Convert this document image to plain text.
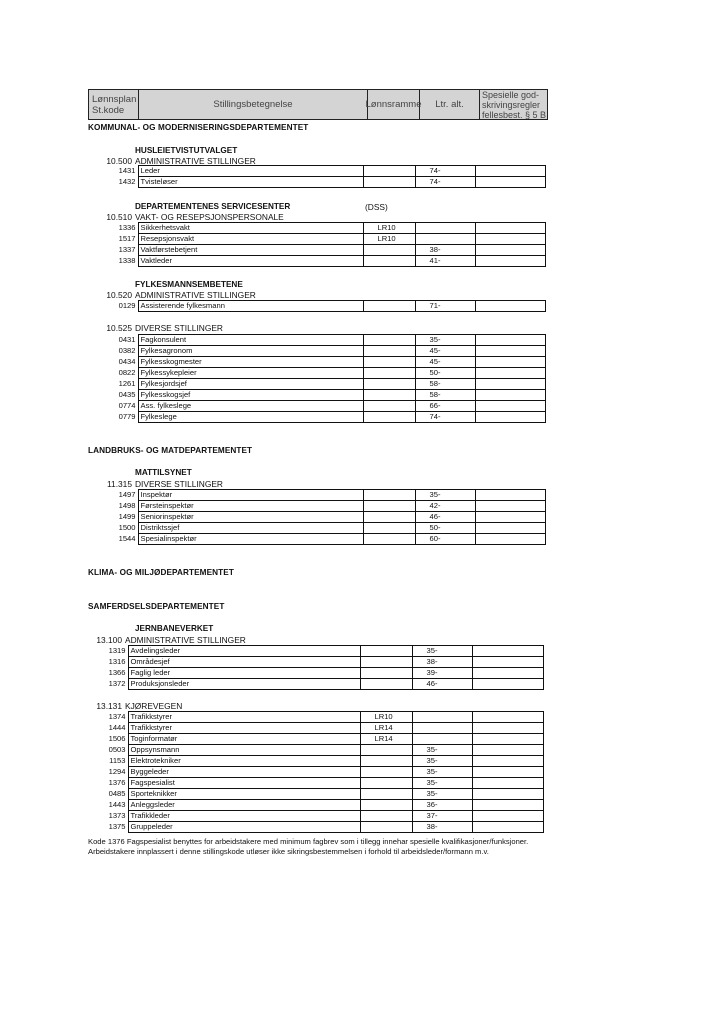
Lønnsplan
St.kode	Stillingsbetegnelse	Lønnsramme	Ltr. alt.
Spesielle god-
skrivingsregler
fellesbest. § 5 B
KOMMUNAL- OG MODERNISERINGSDEPARTEMENTET
HUSLEIETVISTUTVALGET
10.500 ADMINISTRATIVE STILLINGER
1431	Leder		74-	
1432	Tvisteløser		74-	
DEPARTEMENTENES SERVICESENTER	(DSS)
10.510 VAKT- OG RESEPSJONSPERSONALE
1336	Sikkerhetsvakt	LR10		
1517	Resepsjonsvakt	LR10		
1337	Vaktførstebetjent		38-	
1338	Vaktleder		41-	
FYLKESMANNSEMBETENE
10.520 ADMINISTRATIVE STILLINGER
0129	Assisterende fylkesmann		71-	
10.525 DIVERSE STILLINGER
0431	Fagkonsulent		35-	
0382	Fylkesagronom		45-	
0434	Fylkesskogmester		45-	
0822	Fylkessykepleier		50-	
1261	Fylkesjordsjef		58-	
0435	Fylkesskogsjef		58-	
0774	Ass. fylkeslege		66-	
0779	Fylkeslege		74-	
LANDBRUKS- OG MATDEPARTEMENTET
MATTILSYNET
11.315 DIVERSE STILLINGER
1497	Inspektør		35-	
1498	Førsteinspektør		42-	
1499	Seniorinspektør		46-	
1500	Distriktssjef		50-	
1544	Spesialinspektør		60-	
KLIMA- OG MILJØDEPARTEMENTET
SAMFERDSELSDEPARTEMENTET
JERNBANEVERKET
13.100 ADMINISTRATIVE STILLINGER
1319	Avdelingsleder		35-	
1316	Områdesjef		38-	
1366	Faglig leder		39-	
1372	Produksjonsleder		46-	
13.131 KJØREVEGEN
1374	Trafikkstyrer	LR10		
1444	Trafikkstyrer	LR14		
1506	Toginformatør	LR14		
0503	Oppsynsmann		35-	
1153	Elektrotekniker		35-	
1294	Byggeleder		35-	
1376	Fagspesialist		35-	
0485	Sporteknikker		35-	
1443	Anleggsleder		36-	
1373	Trafikkleder		37-	
1375	Gruppeleder		38-	
Kode 1376 Fagspesialist benyttes for arbeidstakere med minimum fagbrev som i tillegg innehar spesielle kvalifikasjoner/funksjoner. Arbeidstakere innplassert i denne stillingskode utløser ikke sikringsbestemmelsen i forhold til arbeidsleder/formann m.v.
